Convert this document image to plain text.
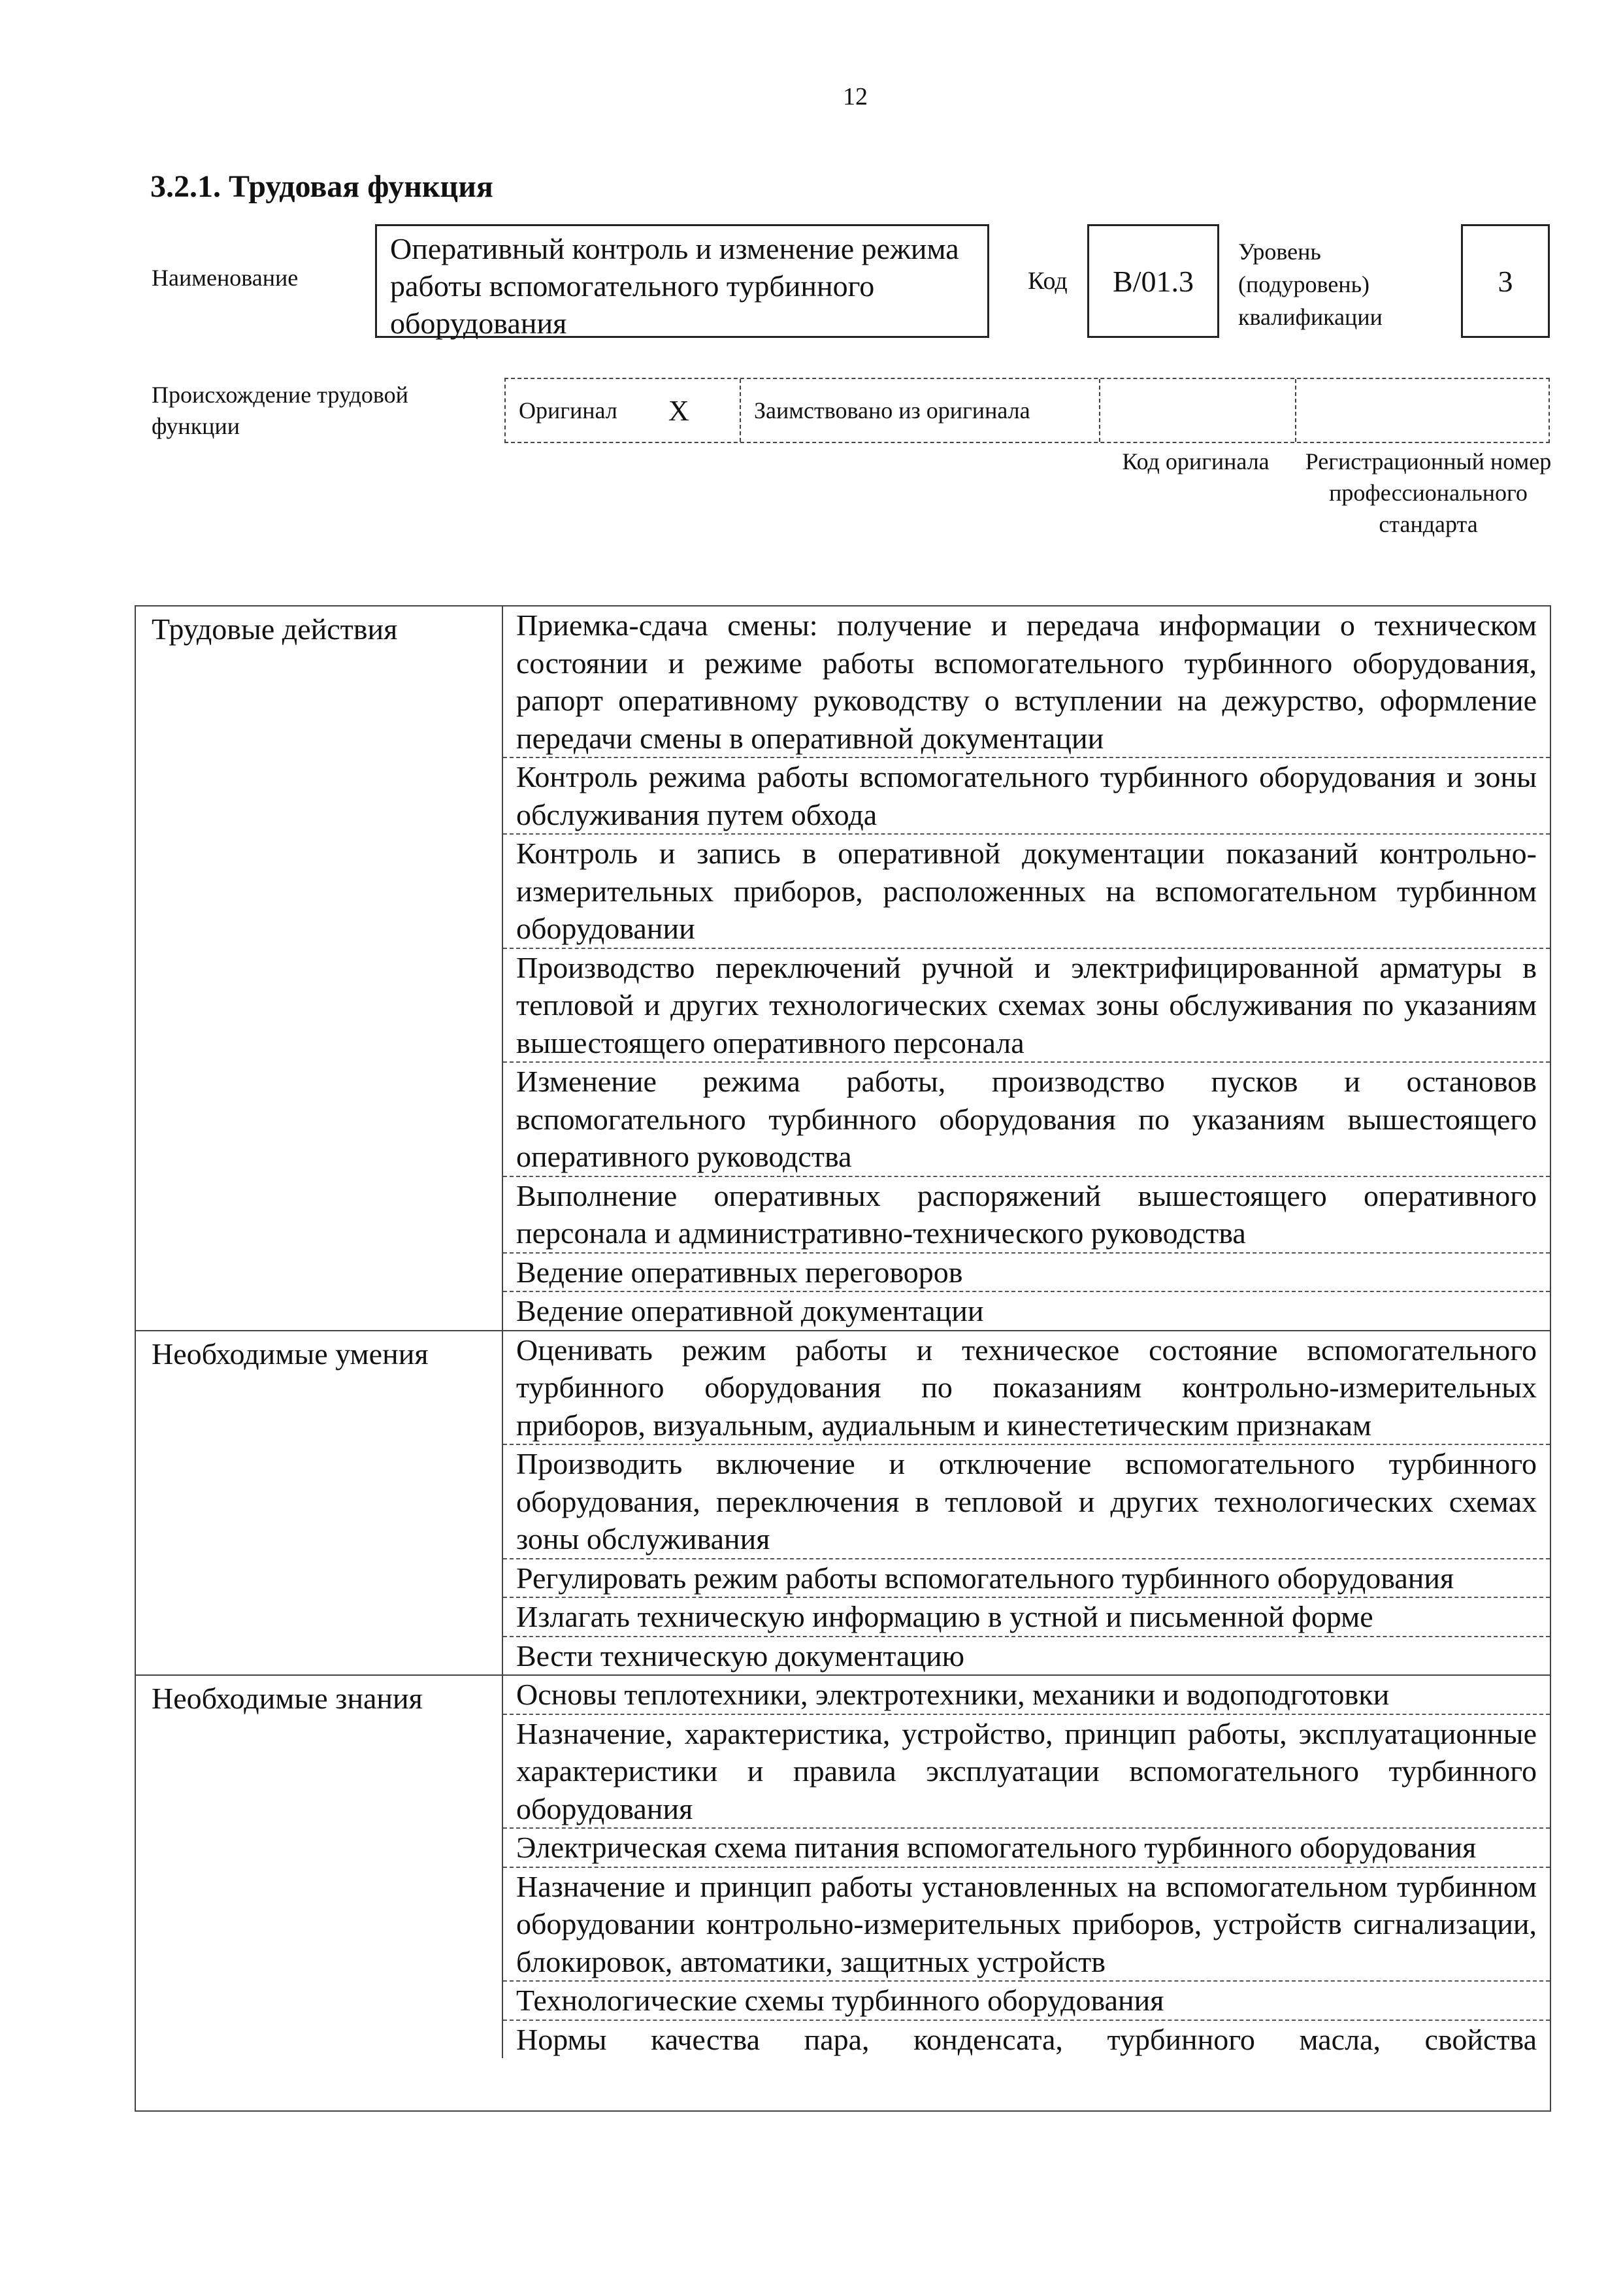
12
3.2.1. Трудовая функция
Наименование
Оперативный контроль и изменение режима работы вспомогательного турбинного оборудования
Код	B/01.3
Уровень (подуровень) квалификации
3
Происхождение трудовой функции
Оригинал X	Заимствовано из оригинала
Код оригинала	Регистрационный номер профессионального стандарта
Трудовые действия	Приемка-сдача смены: получение и передача информации о техническом состоянии и режиме работы вспомогательного турбинного оборудования, рапорт оперативному руководству о вступлении на дежурство, оформление передачи смены в оперативной документации
Контроль режима работы вспомогательного турбинного оборудования и зоны обслуживания путем обхода
Контроль и запись в оперативной документации показаний контрольно-измерительных приборов, расположенных на вспомогательном турбинном оборудовании
Производство переключений ручной и электрифицированной арматуры в тепловой и других технологических схемах зоны обслуживания по указаниям вышестоящего оперативного персонала
Изменение режима работы, производство пусков и остановов вспомогательного турбинного оборудования по указаниям вышестоящего оперативного руководства
Выполнение оперативных распоряжений вышестоящего оперативного персонала и административно-технического руководства
Ведение оперативных переговоров
Ведение оперативной документации
Необходимые умения	Оценивать режим работы и техническое состояние вспомогательного турбинного оборудования по показаниям контрольно-измерительных приборов, визуальным, аудиальным и кинестетическим признакам
Производить включение и отключение вспомогательного турбинного оборудования, переключения в тепловой и других технологических схемах зоны обслуживания
Регулировать режим работы вспомогательного турбинного оборудования
Излагать техническую информацию в устной и письменной форме
Вести техническую документацию
Необходимые знания	Основы теплотехники, электротехники, механики и водоподготовки
Назначение, характеристика, устройство, принцип работы, эксплуатационные характеристики и правила эксплуатации вспомогательного турбинного оборудования
Электрическая схема питания вспомогательного турбинного оборудования
Назначение и принцип работы установленных на вспомогательном турбинном оборудовании контрольно-измерительных приборов, устройств сигнализации, блокировок, автоматики, защитных устройств
Технологические схемы турбинного оборудования
Нормы качества пара, конденсата, турбинного масла, свойства
